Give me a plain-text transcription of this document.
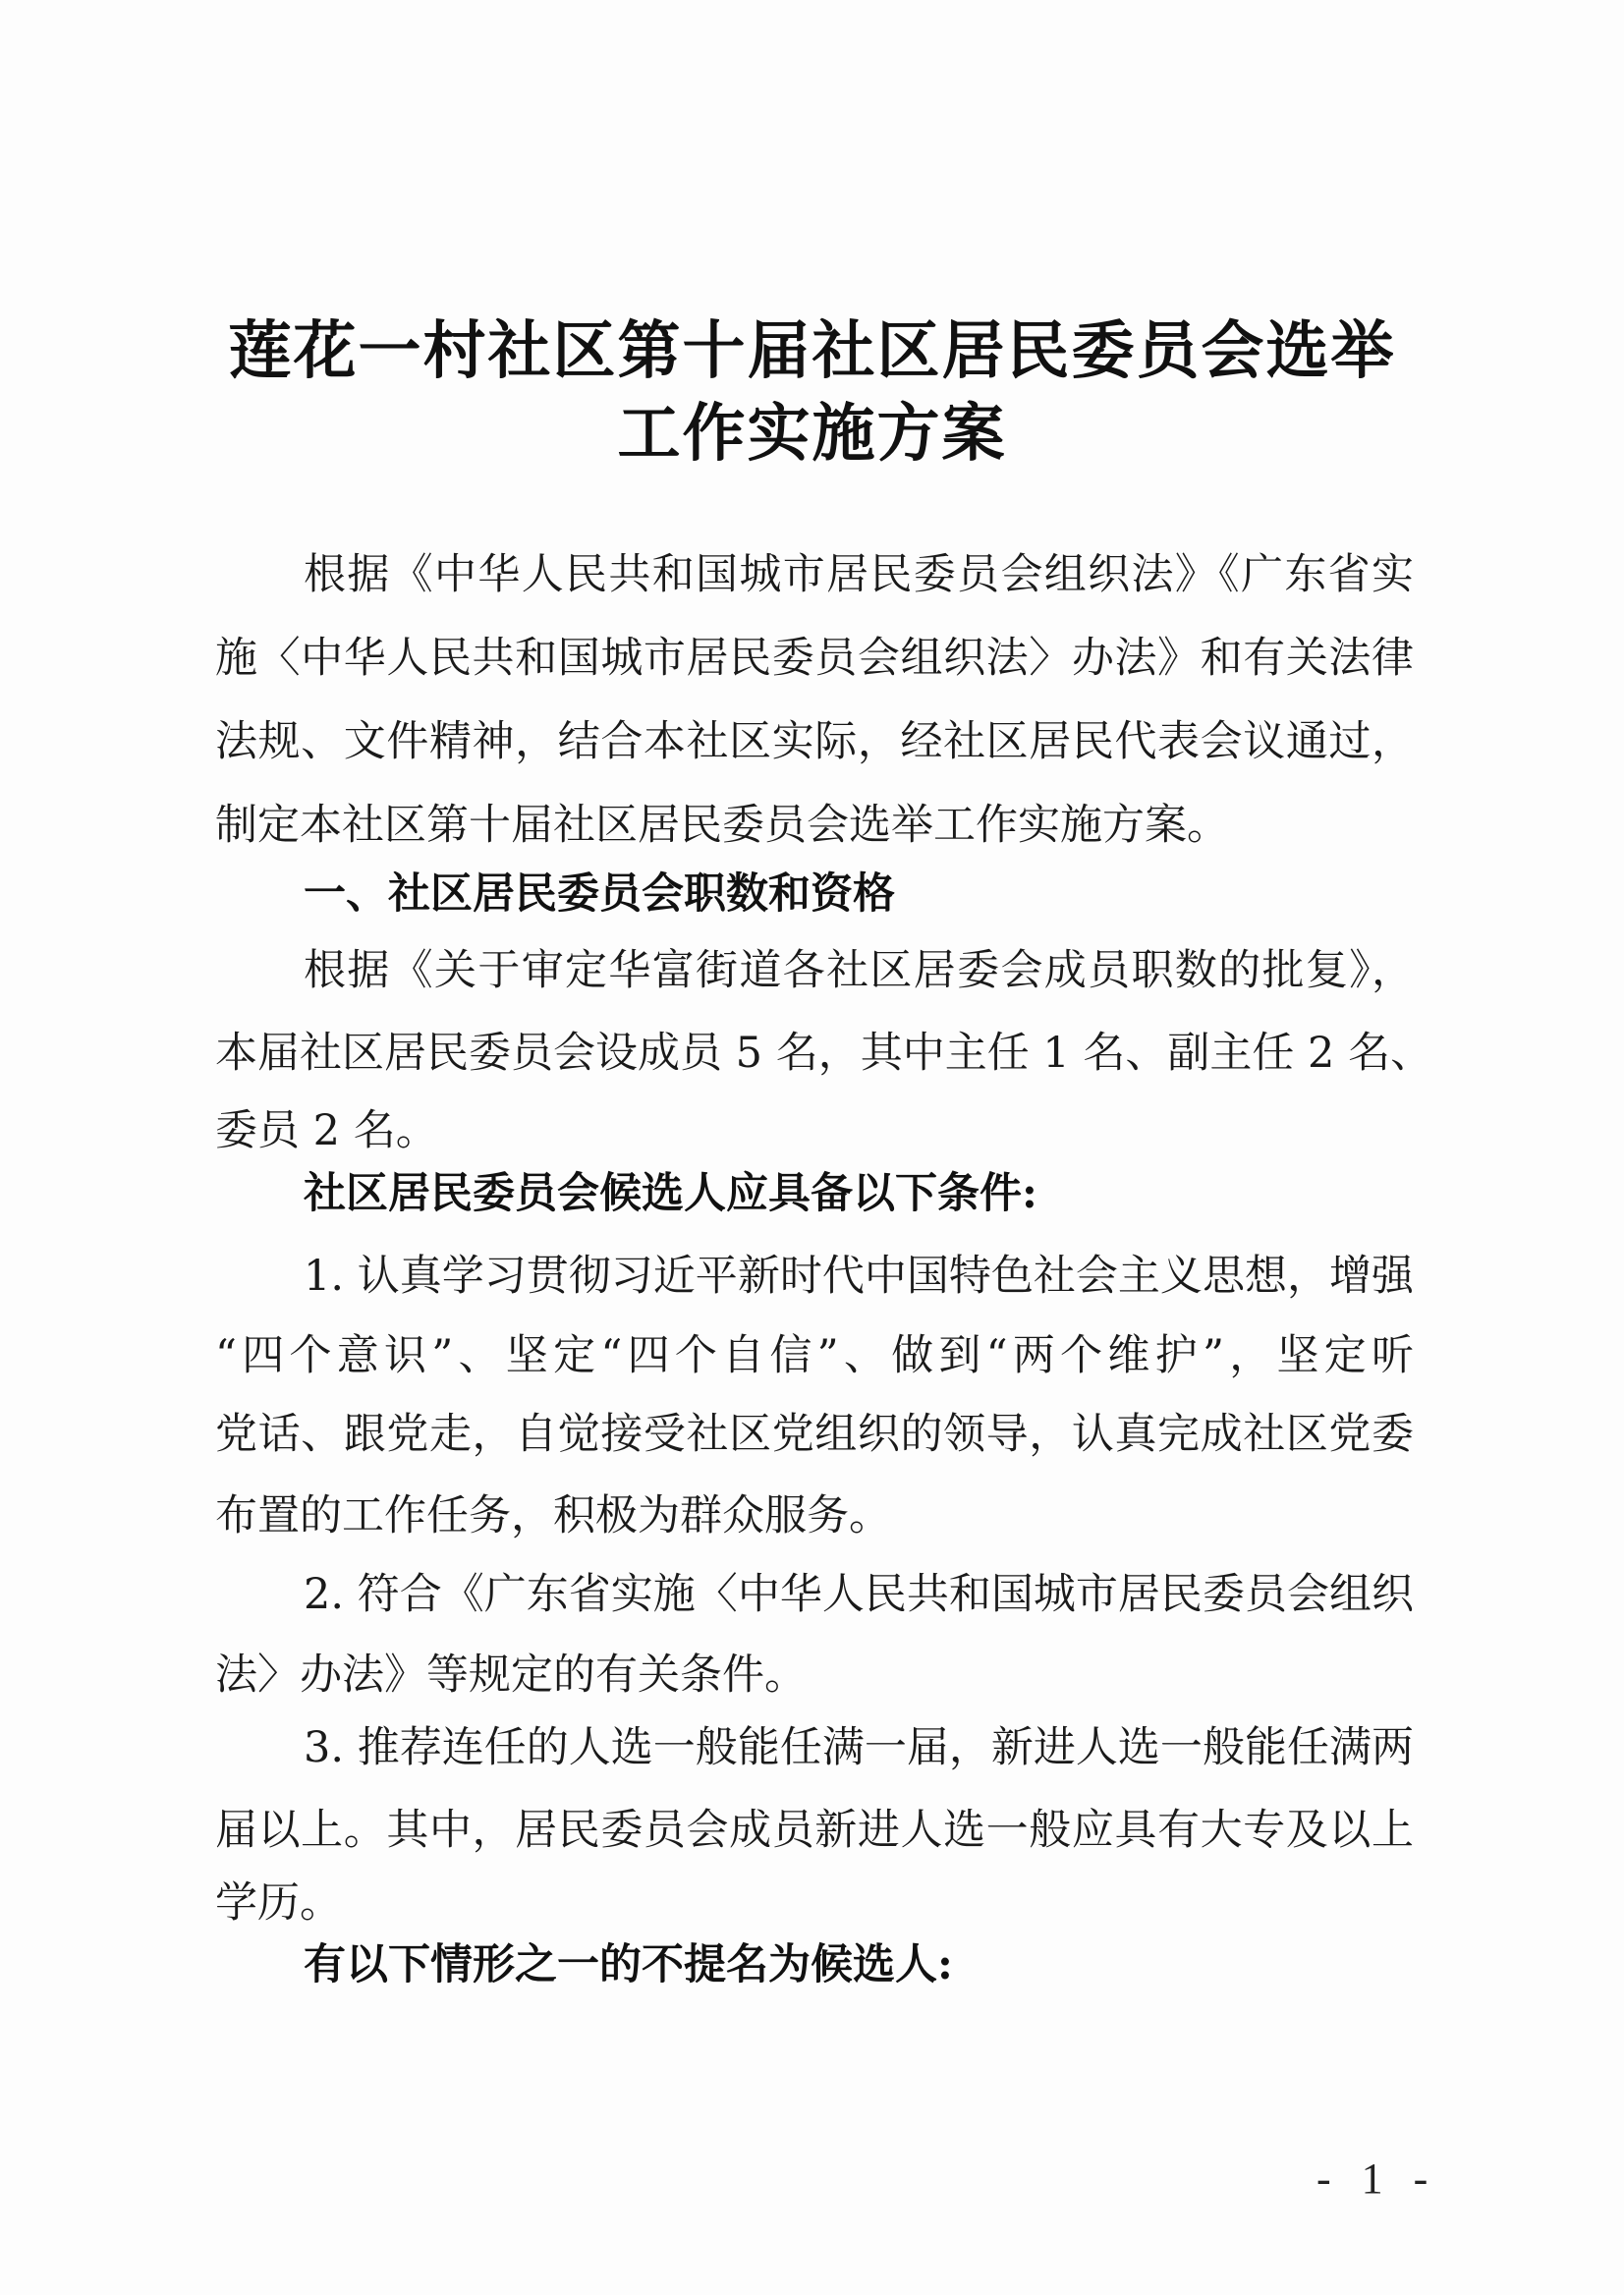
莲花一村社区第十届社区居民委员会选举
工作实施方案
根据《中华人民共和国城市居民委员会组织法》《广东省实
施〈中华人民共和国城市居民委员会组织法〉办法》和有关法律
法规、文件精神，结合本社区实际，经社区居民代表会议通过，
制定本社区第十届社区居民委员会选举工作实施方案。
一、社区居民委员会职数和资格
根据《关于审定华富街道各社区居委会成员职数的批复》，
本届社区居民委员会设成员 5 名，其中主任 1 名、副主任 2 名、
委员 2 名。
社区居民委员会候选人应具备以下条件:
1. 认真学习贯彻习近平新时代中国特色社会主义思想，增强
“四个意识”、坚定“四个自信”、做到“两个维护”，坚定听
党话、跟党走，自觉接受社区党组织的领导，认真完成社区党委
布置的工作任务，积极为群众服务。
2. 符合《广东省实施〈中华人民共和国城市居民委员会组织
法〉办法》等规定的有关条件。
3. 推荐连任的人选一般能任满一届，新进人选一般能任满两
届以上。其中，居民委员会成员新进人选一般应具有大专及以上
学历。
有以下情形之一的不提名为候选人:
- 1 -
